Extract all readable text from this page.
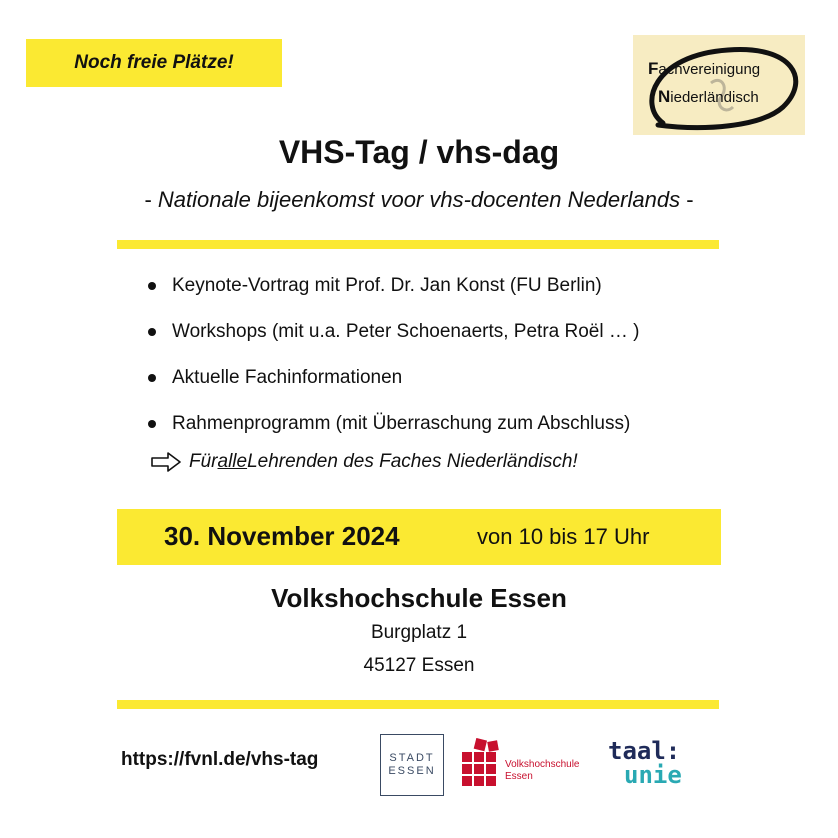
Noch freie Plätze!	Fachvereinigung
Niederländisch
VHS-Tag / vhs-dag
- Nationale bijeenkomst voor vhs-docenten Nederlands -
Keynote-Vortrag mit Prof. Dr. Jan Konst (FU Berlin)
Workshops (mit u.a. Peter Schoenaerts, Petra Roël … )
Aktuelle Fachinformationen
Rahmenprogramm (mit Überraschung zum Abschluss)
Für alle Lehrenden des Faches Niederländisch!
30. November 2024	von 10 bis 17 Uhr
Volkshochschule Essen
Burgplatz 1
45127 Essen
https://fvnl.de/vhs-tag	STADT
ESSEN
Volkshochschule
Essen
taal:
unie
